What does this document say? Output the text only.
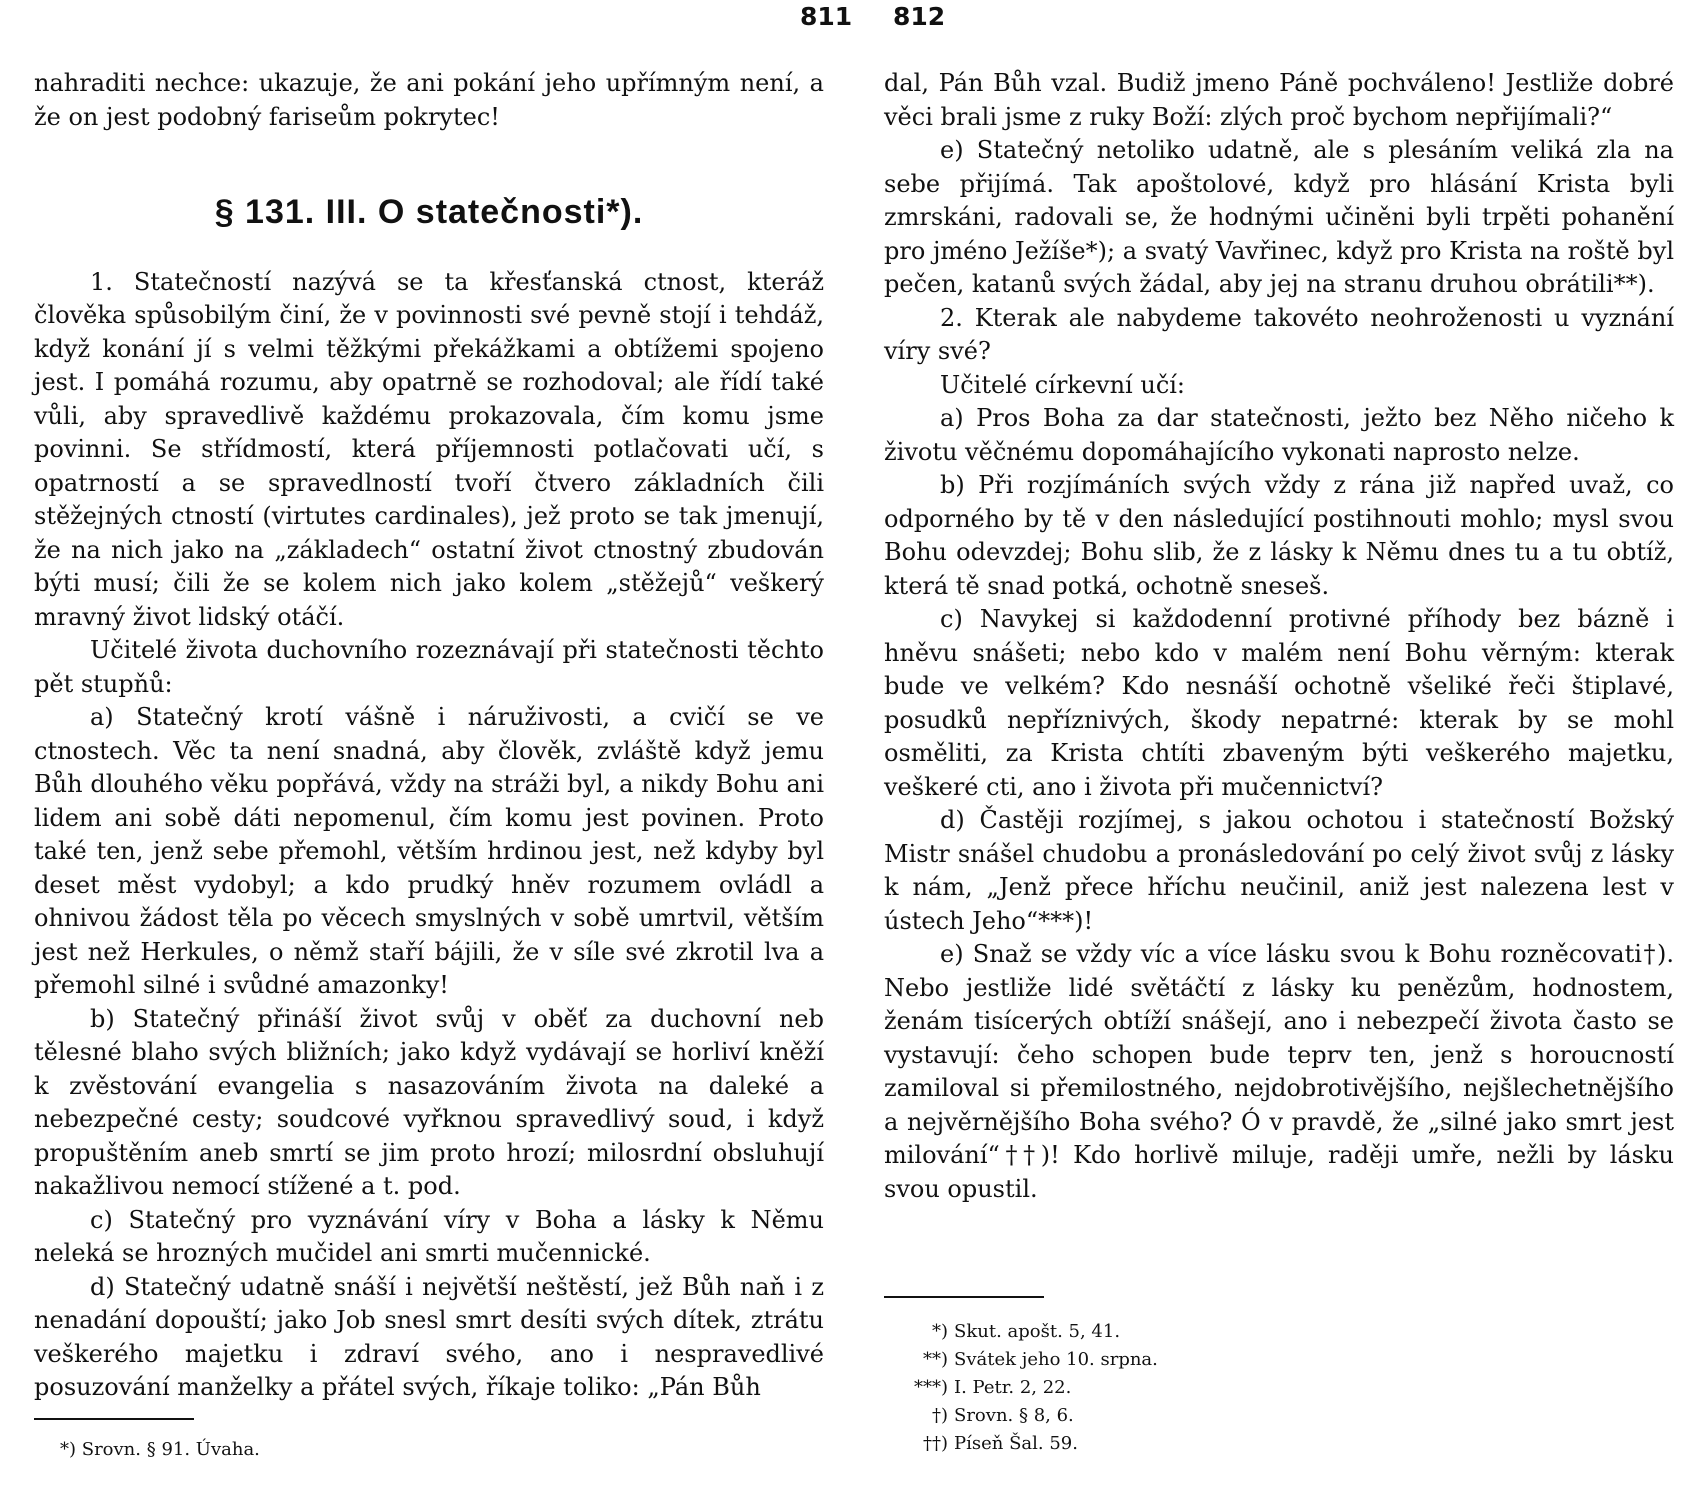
811 812

nahraditi nechce: ukazuje, že ani pokání jeho upřímným není, a že on jest podobný fariseům pokrytec!

§ 131. III. O statečnosti*).

1. Statečností nazývá se ta křesťanská ctnost, kteráž člověka spůsobilým činí, že v povinnosti své pevně stojí i tehdáž, když konání jí s velmi těžkými překážkami a obtížemi spojeno jest. I pomáhá rozumu, aby opatrně se rozhodoval; ale řídí také vůli, aby spravedlivě každému prokazovala, čím komu jsme povinni. Se střídmostí, která příjemnosti potlačovati učí, s opatrností a se spravedlností tvoří čtvero základních čili stěžejných ctností (virtutes cardinales), jež proto se tak jmenují, že na nich jako na „základech“ ostatní život ctnostný zbudován býti musí; čili že se kolem nich jako kolem „stěžejů“ veškerý mravný život lidský otáčí.

Učitelé života duchovního rozeznávají při statečnosti těchto pět stupňů:

a) Statečný krotí vášně i náruživosti, a cvičí se ve ctnostech. Věc ta není snadná, aby člověk, zvláště když jemu Bůh dlouhého věku popřává, vždy na stráži byl, a nikdy Bohu ani lidem ani sobě dáti nepomenul, čím komu jest povinen. Proto také ten, jenž sebe přemohl, větším hrdinou jest, než kdyby byl deset měst vydobyl; a kdo prudký hněv rozumem ovládl a ohnivou žádost těla po věcech smyslných v sobě umrtvil, větším jest než Herkules, o němž staří bájili, že v síle své zkrotil lva a přemohl silné i svůdné amazonky!

b) Statečný přináší život svůj v oběť za duchovní neb tělesné blaho svých bližních; jako když vydávají se horliví kněží k zvěstování evangelia s nasazováním života na daleké a nebezpečné cesty; soudcové vyřknou spravedlivý soud, i když propuštěním aneb smrtí se jim proto hrozí; milosrdní obsluhují nakažlivou nemocí stížené a t. pod.

c) Statečný pro vyznávání víry v Boha a lásky k Němu neleká se hrozných mučidel ani smrti mučennické.

d) Statečný udatně snáší i největší neštěstí, jež Bůh naň i z nenadání dopouští; jako Job snesl smrt desíti svých dítek, ztrátu veškerého majetku i zdraví svého, ano i nespravedlivé posuzování manželky a přátel svých, říkaje toliko: „Pán Bůh

*) Srovn. § 91. Úvaha.

dal, Pán Bůh vzal. Budiž jmeno Páně pochváleno! Jestliže dobré věci brali jsme z ruky Boží: zlých proč bychom nepřijímali?“

e) Statečný netoliko udatně, ale s plesáním veliká zla na sebe přijímá. Tak apoštolové, když pro hlásání Krista byli zmrskáni, radovali se, že hodnými učiněni byli trpěti pohanění pro jméno Ježíše*); a svatý Vavřinec, když pro Krista na roště byl pečen, katanů svých žádal, aby jej na stranu druhou obrátili**).

2. Kterak ale nabydeme takovéto neohroženosti u vyznání víry své?

Učitelé církevní učí:

a) Pros Boha za dar statečnosti, ježto bez Něho ničeho k životu věčnému dopomáhajícího vykonati naprosto nelze.

b) Při rozjímáních svých vždy z rána již napřed uvaž, co odporného by tě v den následující postihnouti mohlo; mysl svou Bohu odevzdej; Bohu slib, že z lásky k Němu dnes tu a tu obtíž, která tě snad potká, ochotně sneseš.

c) Navykej si každodenní protivné příhody bez bázně i hněvu snášeti; nebo kdo v malém není Bohu věrným: kterak bude ve velkém? Kdo nesnáší ochotně všeliké řeči štiplavé, posudků nepříznivých, škody nepatrné: kterak by se mohl osměliti, za Krista chtíti zbaveným býti veškerého majetku, veškeré cti, ano i života při mučennictví?

d) Častěji rozjímej, s jakou ochotou i statečností Božský Mistr snášel chudobu a pronásledování po celý život svůj z lásky k nám, „Jenž přece hříchu neučinil, aniž jest nalezena lest v ústech Jeho“***)!

e) Snaž se vždy víc a více lásku svou k Bohu rozněcovati†). Nebo jestliže lidé světáčtí z lásky ku penězům, hodnostem, ženám tisícerých obtíží snášejí, ano i nebezpečí života často se vystavují: čeho schopen bude teprv ten, jenž s horoucností zamiloval si přemilostného, nejdobrotivějšího, nejšlechetnějšího a nejvěrnějšího Boha svého? Ó v pravdě, že „silné jako smrt jest milování“††)! Kdo horlivě miluje, raději umře, nežli by lásku svou opustil.

*) Skut. apošt. 5, 41.
**) Svátek jeho 10. srpna.
***) I. Petr. 2, 22.
†) Srovn. § 8, 6.
††) Píseň Šal. 59.
